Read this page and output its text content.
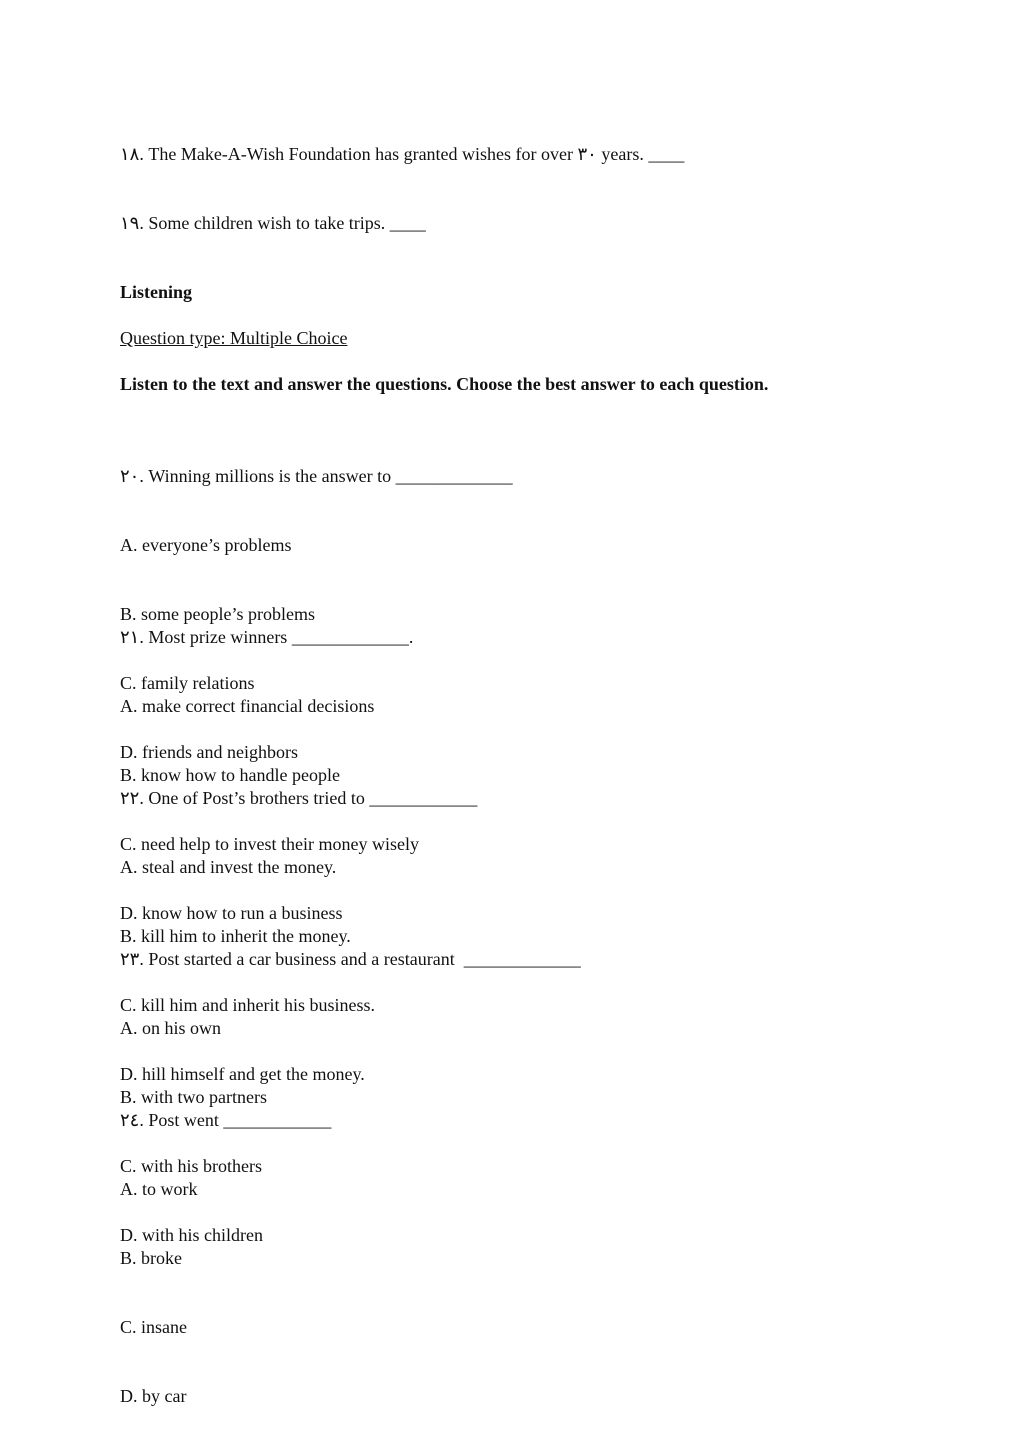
١٨. The Make-A-Wish Foundation has granted wishes for over ٣٠ years. ____
١٩. Some children wish to take trips. ____
Listening
Question type: Multiple Choice
Listen to the text and answer the questions. Choose the best answer to each question.

٢٠. Winning millions is the answer to _____________

A. everyone’s problems

B. some people’s problems

C. family relations

D. friends and neighbors

٢١. Most prize winners _____________.

A. make correct financial decisions

B. know how to handle people

C. need help to invest their money wisely

D. know how to run a business

٢٢. One of Post’s brothers tried to ____________

A. steal and invest the money.

B. kill him to inherit the money.

C. kill him and inherit his business.

D. hill himself and get the money.

٢٣. Post started a car business and a restaurant  _____________

A. on his own

B. with two partners

C. with his brothers

D. with his children

٢٤. Post went ____________

A. to work

B. broke

C. insane

D. by car
